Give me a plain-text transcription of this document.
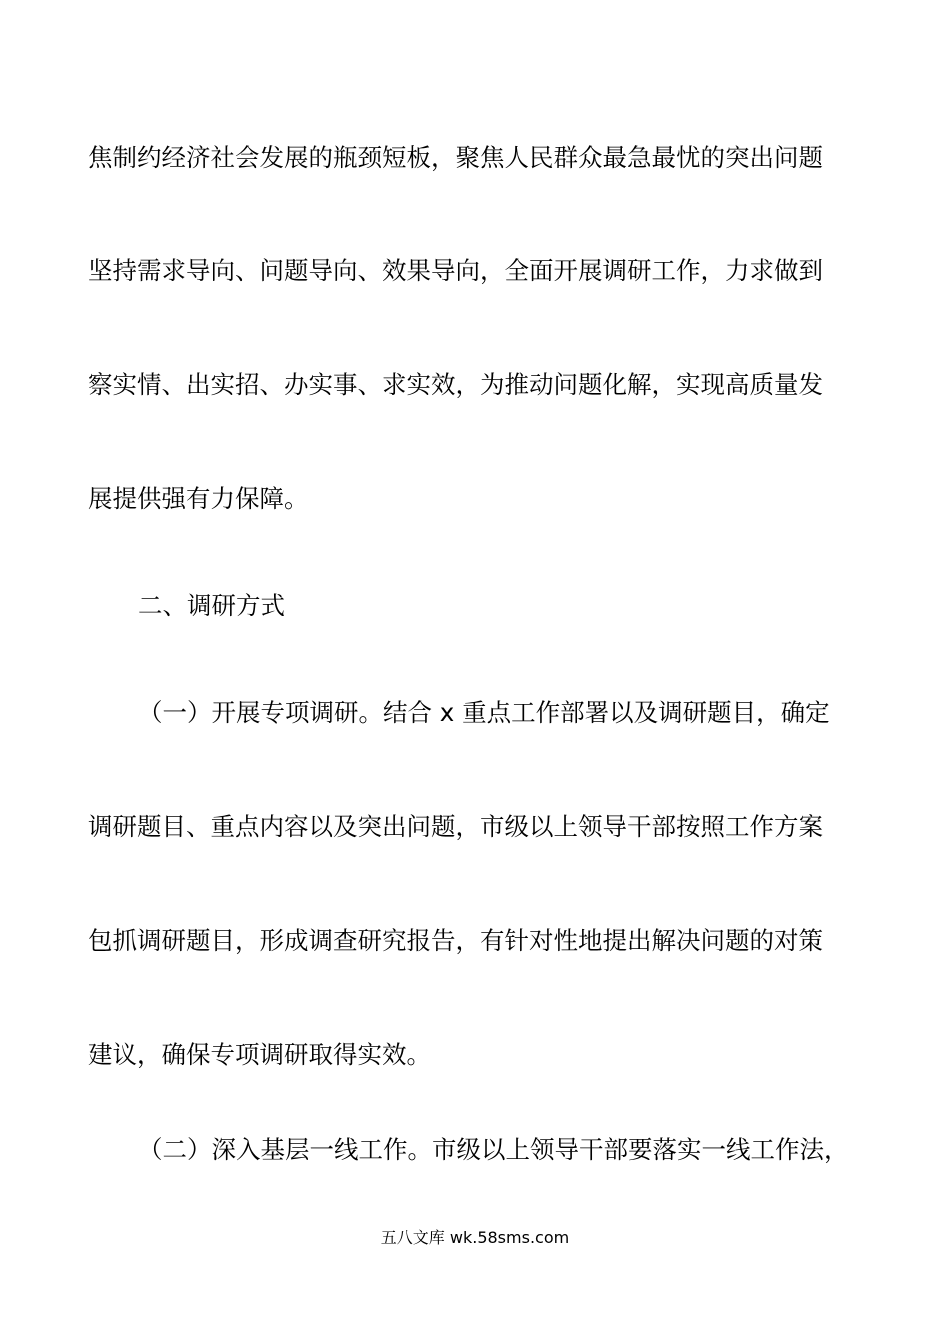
焦制约经济社会发展的瓶颈短板，聚焦人民群众最急最忧的突出问题
坚持需求导向、问题导向、效果导向，全面开展调研工作，力求做到
察实情、出实招、办实事、求实效，为推动问题化解，实现高质量发
展提供强有力保障。
二、调研方式
（一）开展专项调研。结合 x 重点工作部署以及调研题目，确定
调研题目、重点内容以及突出问题，市级以上领导干部按照工作方案
包抓调研题目，形成调查研究报告，有针对性地提出解决问题的对策
建议，确保专项调研取得实效。
（二）深入基层一线工作。市级以上领导干部要落实一线工作法，
五八文库 wk.58sms.com
